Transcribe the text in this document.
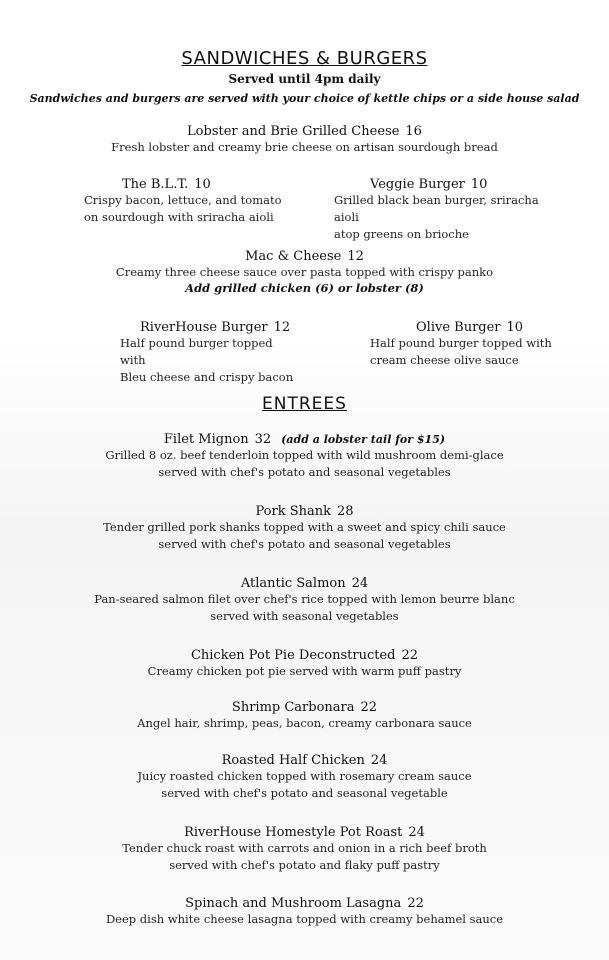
SANDWICHES & BURGERS
Served until 4pm daily
Sandwiches and burgers are served with your choice of kettle chips or a side house salad
Lobster and Brie Grilled Cheese 16
Fresh lobster and creamy brie cheese on artisan sourdough bread
The B.L.T. 10
Crispy bacon, lettuce, and tomato
on sourdough with sriracha aioli
Veggie Burger 10
Grilled black bean burger, sriracha aioli
atop greens on brioche
Mac & Cheese 12
Creamy three cheese sauce over pasta topped with crispy panko
Add grilled chicken (6) or lobster (8)
RiverHouse Burger 12
Half pound burger topped with
Bleu cheese and crispy bacon
Olive Burger 10
Half pound burger topped with
cream cheese olive sauce
ENTREES
Filet Mignon 32 (add a lobster tail for $15)
Grilled 8 oz. beef tenderloin topped with wild mushroom demi-glace
served with chef's potato and seasonal vegetables
Pork Shank 28
Tender grilled pork shanks topped with a sweet and spicy chili sauce
served with chef's potato and seasonal vegetables
Atlantic Salmon 24
Pan-seared salmon filet over chef's rice topped with lemon beurre blanc
served with seasonal vegetables
Chicken Pot Pie Deconstructed 22
Creamy chicken pot pie served with warm puff pastry
Shrimp Carbonara 22
Angel hair, shrimp, peas, bacon, creamy carbonara sauce
Roasted Half Chicken 24
Juicy roasted chicken topped with rosemary cream sauce
served with chef's potato and seasonal vegetable
RiverHouse Homestyle Pot Roast 24
Tender chuck roast with carrots and onion in a rich beef broth
served with chef's potato and flaky puff pastry
Spinach and Mushroom Lasagna 22
Deep dish white cheese lasagna topped with creamy behamel sauce
